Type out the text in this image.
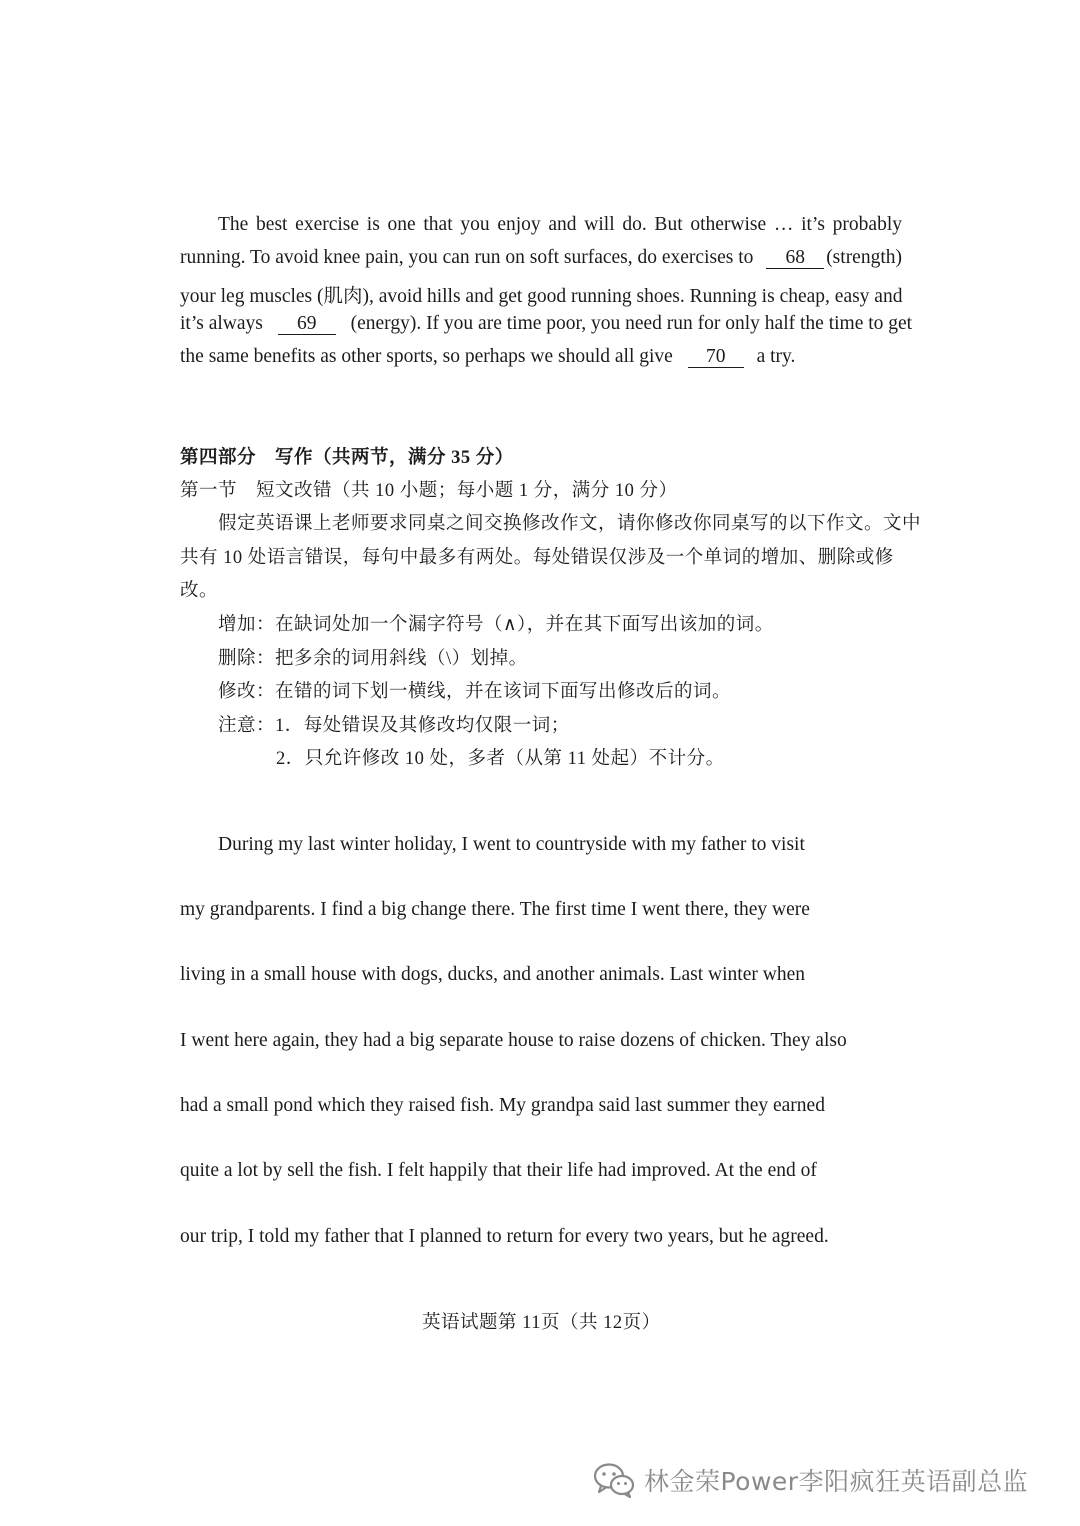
The best exercise is one that you enjoy and will do. But otherwise … it’s probably
running. To avoid knee pain, you can run on soft surfaces, do exercises to 68 (strength)
your leg muscles (肌肉), avoid hills and get good running shoes. Running is cheap, easy and
it’s always 69 (energy). If you are time poor, you need run for only half the time to get
the same benefits as other sports, so perhaps we should all give 70 a try.
第四部分　写作（共两节，满分 35 分）
第一节　短文改错（共 10 小题；每小题 1 分，满分 10 分）
假定英语课上老师要求同桌之间交换修改作文，请你修改你同桌写的以下作文。文中
共有 10 处语言错误，每句中最多有两处。每处错误仅涉及一个单词的增加、删除或修
改。
增加：在缺词处加一个漏字符号（∧），并在其下面写出该加的词。
删除：把多余的词用斜线（\）划掉。
修改：在错的词下划一横线，并在该词下面写出修改后的词。
注意：1．每处错误及其修改均仅限一词；
2．只允许修改 10 处，多者（从第 11 处起）不计分。
During my last winter holiday, I went to countryside with my father to visit
my grandparents. I find a big change there. The first time I went there, they were
living in a small house with dogs, ducks, and another animals. Last winter when
I went here again, they had a big separate house to raise dozens of chicken. They also
had a small pond which they raised fish. My grandpa said last summer they earned
quite a lot by sell the fish. I felt happily that their life had improved. At the end of
our trip, I told my father that I planned to return for every two years, but he agreed.
英语试题第 11页（共 12页）
林金荣Power李阳疯狂英语副总监
